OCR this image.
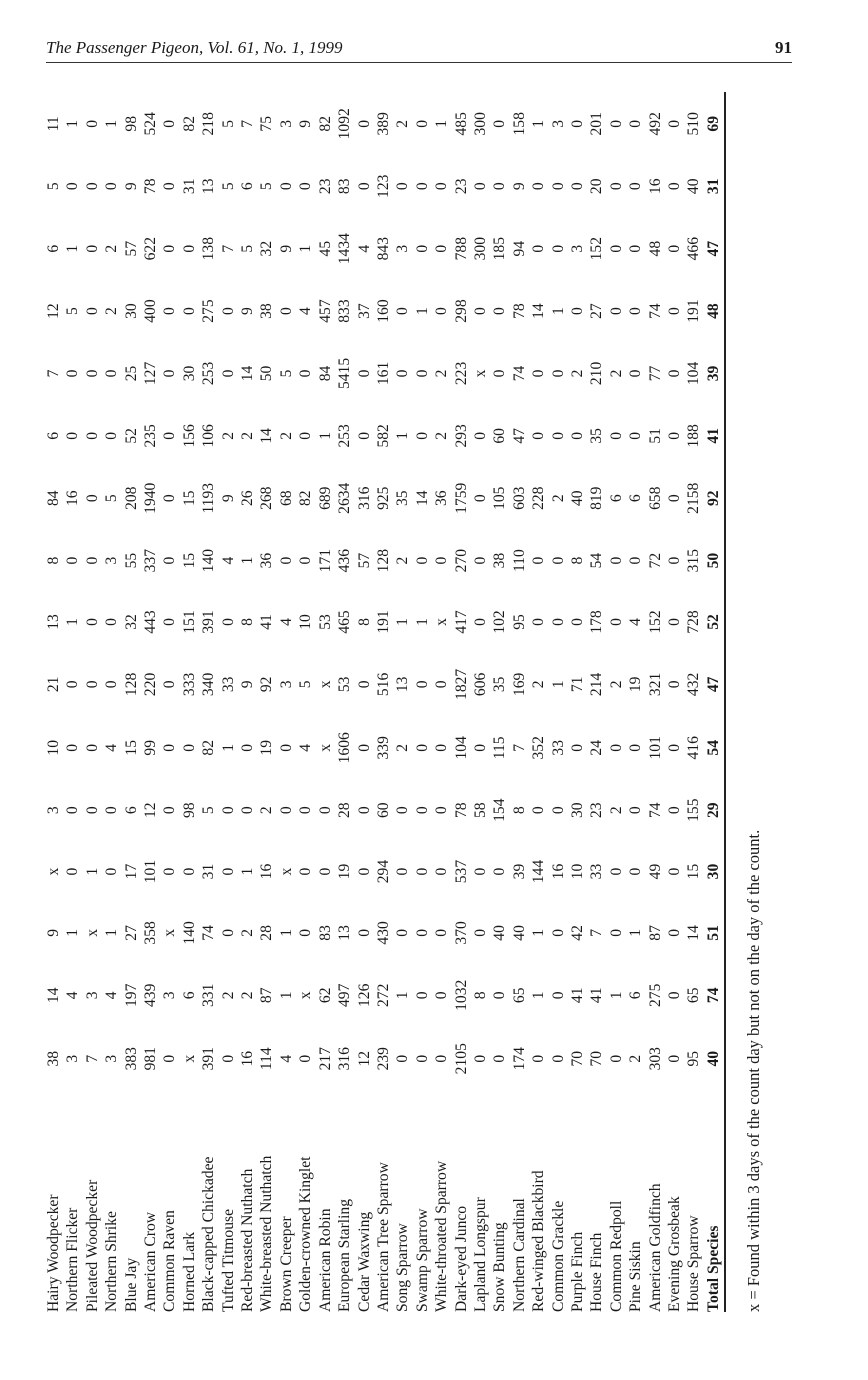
The Passenger Pigeon, Vol. 61, No. 1, 1999	91
Hairy Woodpecker	38	14	9	x	3	10	21	13	8	84	6	7	12	6	5	11
Northern Flicker	3	4	1	0	0	0	0	1	0	16	0	0	5	1	0	1
Pileated Woodpecker	7	3	x	1	0	0	0	0	0	0	0	0	0	0	0	0
Northern Shrike	3	4	1	0	0	4	0	0	3	5	0	0	2	2	0	1
Blue Jay	383	197	27	17	6	15	128	32	55	208	52	25	30	57	9	98
American Crow	981	439	358	101	12	99	220	443	337	1940	235	127	400	622	78	524
Common Raven	0	3	x	0	0	0	0	0	0	0	0	0	0	0	0	0
Horned Lark	x	6	140	0	98	0	333	151	15	15	156	30	0	0	31	82
Black-capped Chickadee	391	331	74	31	5	82	340	391	140	1193	106	253	275	138	13	218
Tufted Titmouse	0	2	0	0	0	1	33	0	4	9	2	0	0	7	5	5
Red-breasted Nuthatch	16	2	2	1	0	0	9	8	1	26	2	14	9	5	6	7
White-breasted Nuthatch	114	87	28	16	2	19	92	41	36	268	14	50	38	32	5	75
Brown Creeper	4	1	1	x	0	0	3	4	0	68	2	5	0	9	0	3
Golden-crowned Kinglet	0	x	0	0	0	4	5	10	0	82	0	0	4	1	0	9
American Robin	217	62	83	0	0	x	x	53	171	689	1	84	457	45	23	82
European Starling	316	497	13	19	28	1606	53	465	436	2634	253	5415	833	1434	83	1092
Cedar Waxwing	12	126	0	0	0	0	0	8	57	316	0	0	37	4	0	0
American Tree Sparrow	239	272	430	294	60	339	516	191	128	925	582	161	160	843	123	389
Song Sparrow	0	1	0	0	0	2	13	1	2	35	1	0	0	3	0	2
Swamp Sparrow	0	0	0	0	0	0	0	1	0	14	0	0	1	0	0	0
White-throated Sparrow	0	0	0	0	0	0	0	x	0	36	2	2	0	0	0	1
Dark-eyed Junco	2105	1032	370	537	78	104	1827	417	270	1759	293	223	298	788	23	485
Lapland Longspur	0	8	0	0	58	0	606	0	0	0	0	x	0	300	0	300
Snow Bunting	0	0	40	0	154	115	35	102	38	105	60	0	0	185	0	0
Northern Cardinal	174	65	40	39	8	7	169	95	110	603	47	74	78	94	9	158
Red-winged Blackbird	0	1	1	144	0	352	2	0	0	228	0	0	14	0	0	1
Common Grackle	0	0	0	16	0	33	1	0	0	2	0	0	1	0	0	3
Purple Finch	70	41	42	10	30	0	71	0	8	40	0	2	0	3	0	0
House Finch	70	41	7	33	23	24	214	178	54	819	35	210	27	152	20	201
Common Redpoll	0	1	0	0	2	0	2	0	0	6	0	2	0	0	0	0
Pine Siskin	2	6	1	0	0	0	19	4	0	6	0	0	0	0	0	0
American Goldfinch	303	275	87	49	74	101	321	152	72	658	51	77	74	48	16	492
Evening Grosbeak	0	0	0	0	0	0	0	0	0	0	0	0	0	0	0	0
House Sparrow	95	65	14	15	155	416	432	728	315	2158	188	104	191	466	40	510
Total Species	40	74	51	30	29	54	47	52	50	92	41	39	48	47	31	69
x = Found within 3 days of the count day but not on the day of the count.
